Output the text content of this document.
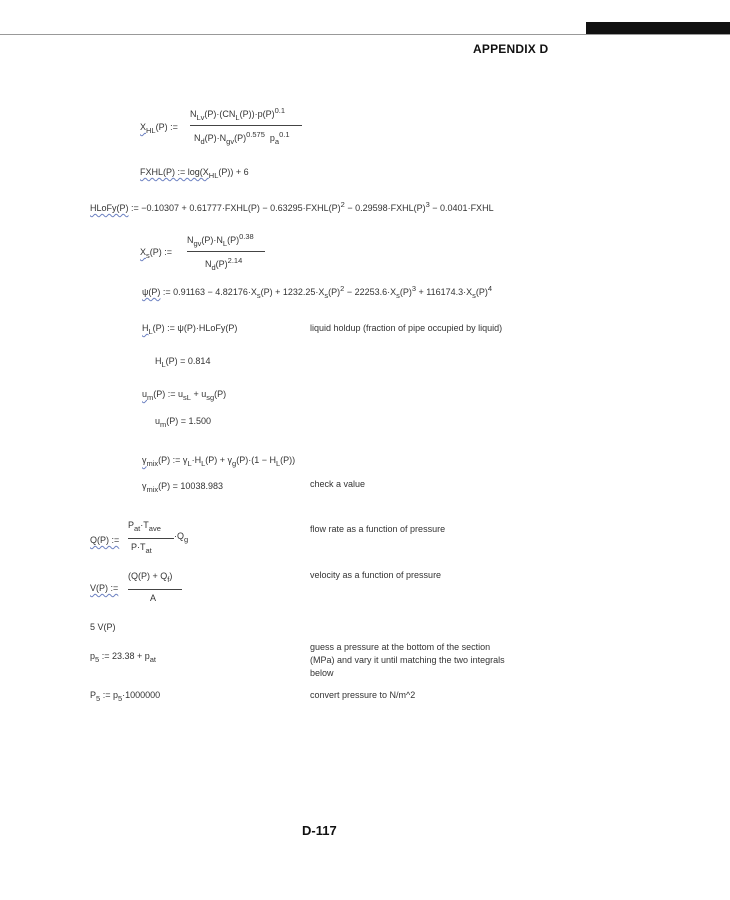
APPENDIX D
$X_{HL}(P)$ :=
$N_{Lv}(P)\cdot(CN_L(P))\cdot p(P)^{0.1}$
$N_d(P)\cdot N_{gv}(P)^{0.575}$ $p_a^{0.1}$
FXHL(P) := $\log(X_{HL}(P)) + 6$
HLoFy(P) := −0.10307 + 0.61777·FXHL(P) − $0.63295\cdot FXHL(P)^2$ − $0.29598\cdot FXHL(P)^3$ − 0.0401·FXHL
$X_s(P)$ :=
$N_{gv}(P)\cdot N_L(P)^{0.38}$
$N_d(P)^{2.14}$
ψ(P) := $0.91163 - 4.82176\cdot X_s(P) + 1232.25\cdot X_s(P)^2 - 22253.6\cdot X_s(P)^3 + 116174.3\cdot X_s(P)^4$
$H_L(P)$ := ψ(P)·HLoFy(P)	liquid holdup (fraction of pipe occupied by liquid)
$H_L(P) = 0.814$
$u_m(P)$ := $u_{sL} + u_{sg}(P)$
$u_m(P) = 1.500$
$\gamma_{mix}(P)$ := $\gamma_L\cdot H_L(P) + \gamma_g(P)\cdot(1 - H_L(P))$
$\gamma_{mix}(P) = 10038.983$	check a value
Q(P) :=
$P_{at}\cdot T_{ave}$
$P\cdot T_{at}$
$\cdot Q_g$
flow rate as a function of pressure
V(P) :=
$(Q(P) + Q_f)$
A
velocity as a function of pressure
5 V(P)
$p_5$ := $23.38 + p_{at}$
guess a pressure at the bottom of the section
(MPa) and vary it until matching the two integrals
below
$P_5$ := $p_5\cdot 1000000$	convert pressure to N/m^2
D-117
